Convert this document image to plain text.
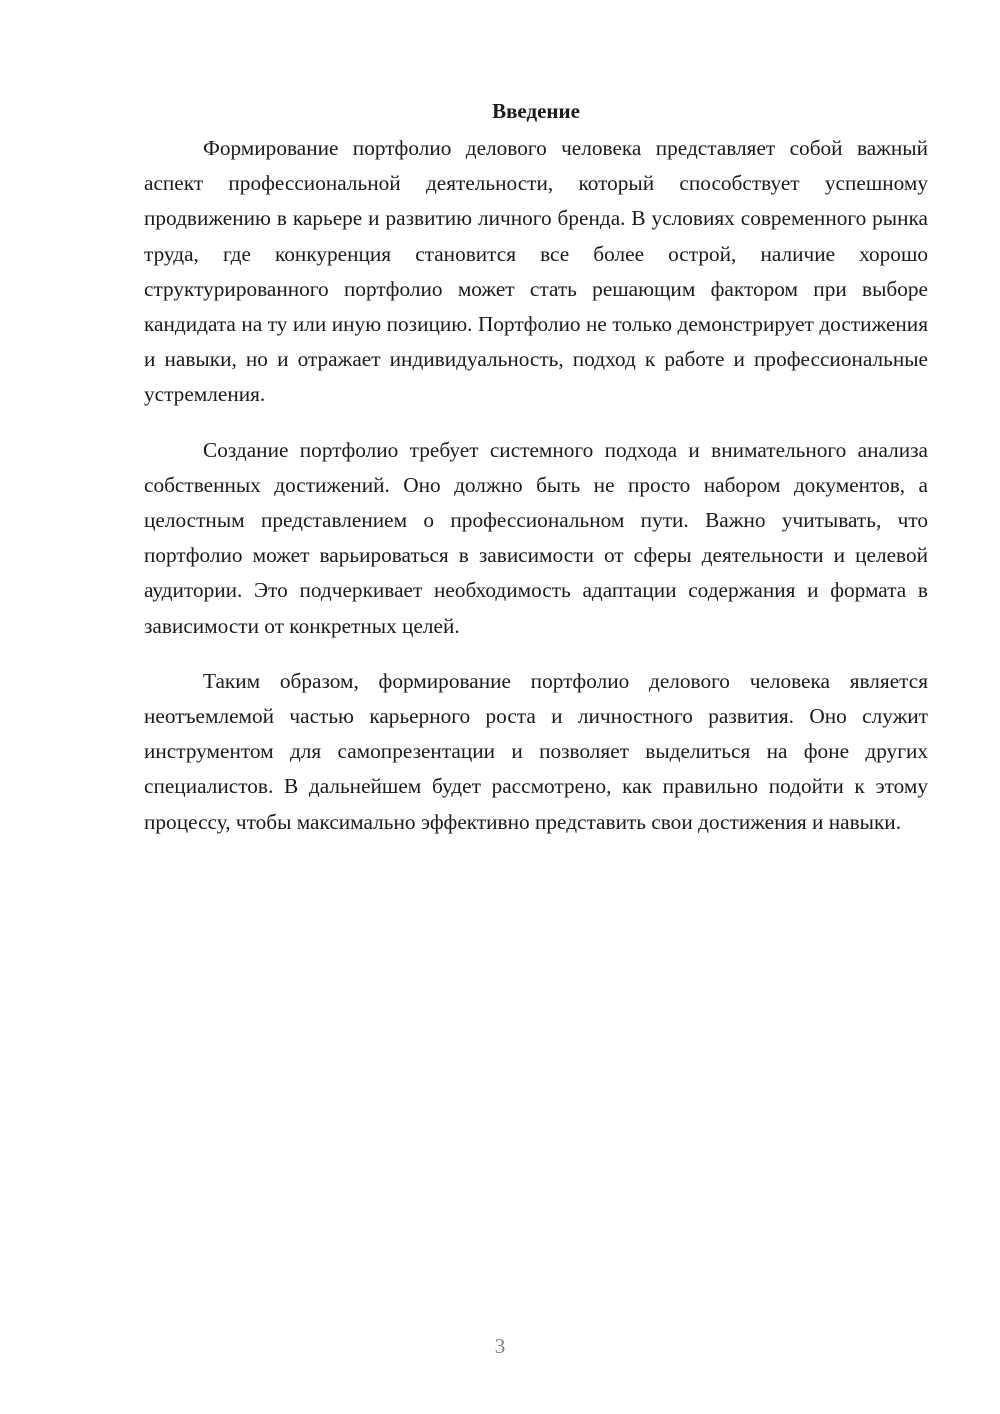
Введение

Формирование портфолио делового человека представляет собой важный аспект профессиональной деятельности, который способствует успешному продвижению в карьере и развитию личного бренда. В условиях современного рынка труда, где конкуренция становится все более острой, наличие хорошо структурированного портфолио может стать решающим фактором при выборе кандидата на ту или иную позицию. Портфолио не только демонстрирует достижения и навыки, но и отражает индивидуальность, подход к работе и профессиональные устремления.

Создание портфолио требует системного подхода и внимательного анализа собственных достижений. Оно должно быть не просто набором документов, а целостным представлением о профессиональном пути. Важно учитывать, что портфолио может варьироваться в зависимости от сферы деятельности и целевой аудитории. Это подчеркивает необходимость адаптации содержания и формата в зависимости от конкретных целей.

Таким образом, формирование портфолио делового человека является неотъемлемой частью карьерного роста и личностного развития. Оно служит инструментом для самопрезентации и позволяет выделиться на фоне других специалистов. В дальнейшем будет рассмотрено, как правильно подойти к этому процессу, чтобы максимально эффективно представить свои достижения и навыки.

3
